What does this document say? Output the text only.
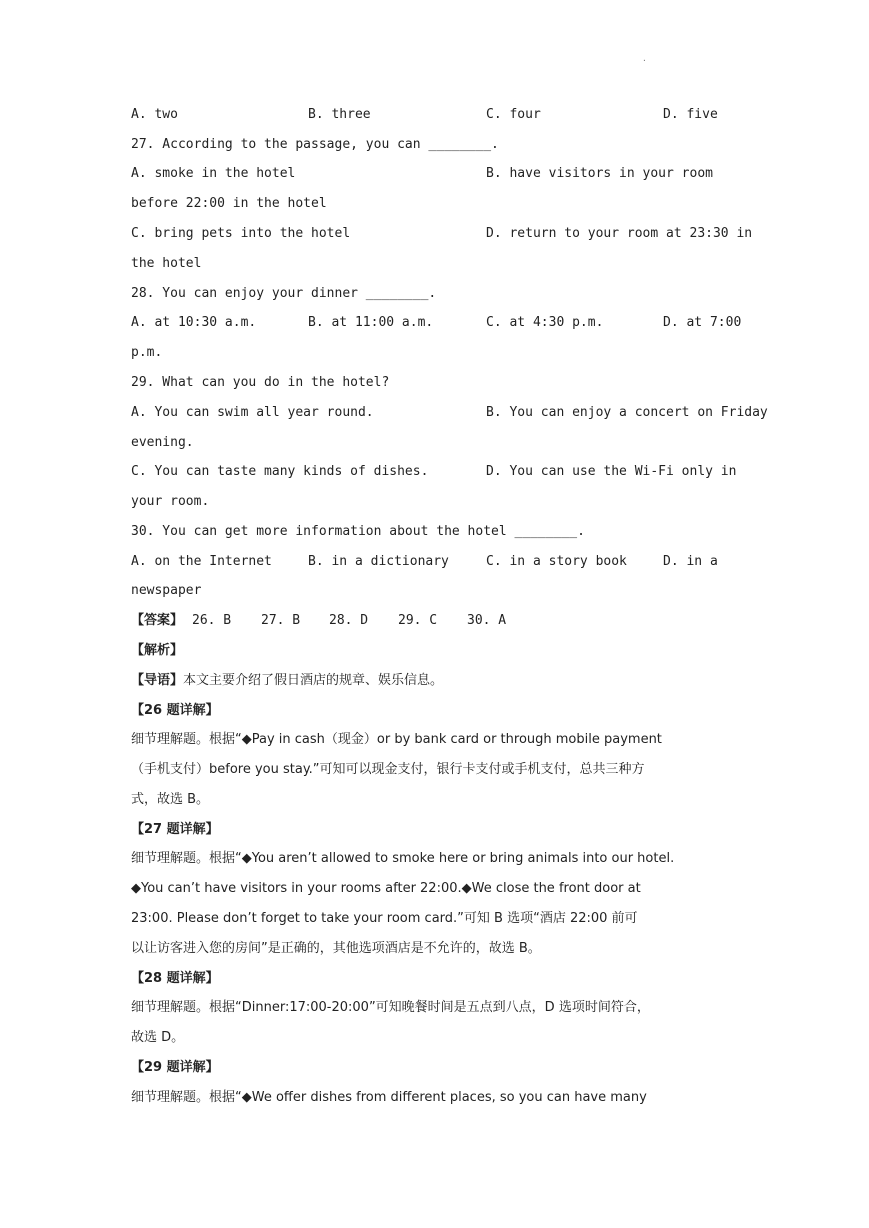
.
A. two	B. three	C. four	D. five
27. According to the passage, you can ________.
A. smoke in the hotel	B. have visitors in your room
before 22:00 in the hotel
C. bring pets into the hotel	D. return to your room at 23:30 in
the hotel
28. You can enjoy your dinner ________.
A. at 10:30 a.m.	B. at 11:00 a.m.	C. at 4:30 p.m.	D. at 7:00
p.m.
29. What can you do in the hotel?
A. You can swim all year round.	B. You can enjoy a concert on Friday
evening.
C. You can taste many kinds of dishes.	D. You can use the Wi-Fi only in
your room.
30. You can get more information about the hotel ________.
A. on the Internet	B. in a dictionary	C. in a story book	D. in a
newspaper
【答案】 26. B 27. B 28. D 29. C 30. A
【解析】
【导语】本文主要介绍了假日酒店的规章、娱乐信息。
【26 题详解】
细节理解题。根据“◆Pay in cash（现金）or by bank card or through mobile payment
（手机支付）before you stay.”可知可以现金支付，银行卡支付或手机支付，总共三种方
式，故选 B。
【27 题详解】
细节理解题。根据“◆You aren’t allowed to smoke here or bring animals into our hotel.
◆You can’t have visitors in your rooms after 22:00.◆We close the front door at
23:00. Please don’t forget to take your room card.”可知 B 选项“酒店 22:00 前可
以让访客进入您的房间”是正确的，其他选项酒店是不允许的，故选 B。
【28 题详解】
细节理解题。根据“Dinner:17:00-20:00”可知晚餐时间是五点到八点，D 选项时间符合，
故选 D。
【29 题详解】
细节理解题。根据“◆We offer dishes from different places, so you can have many
